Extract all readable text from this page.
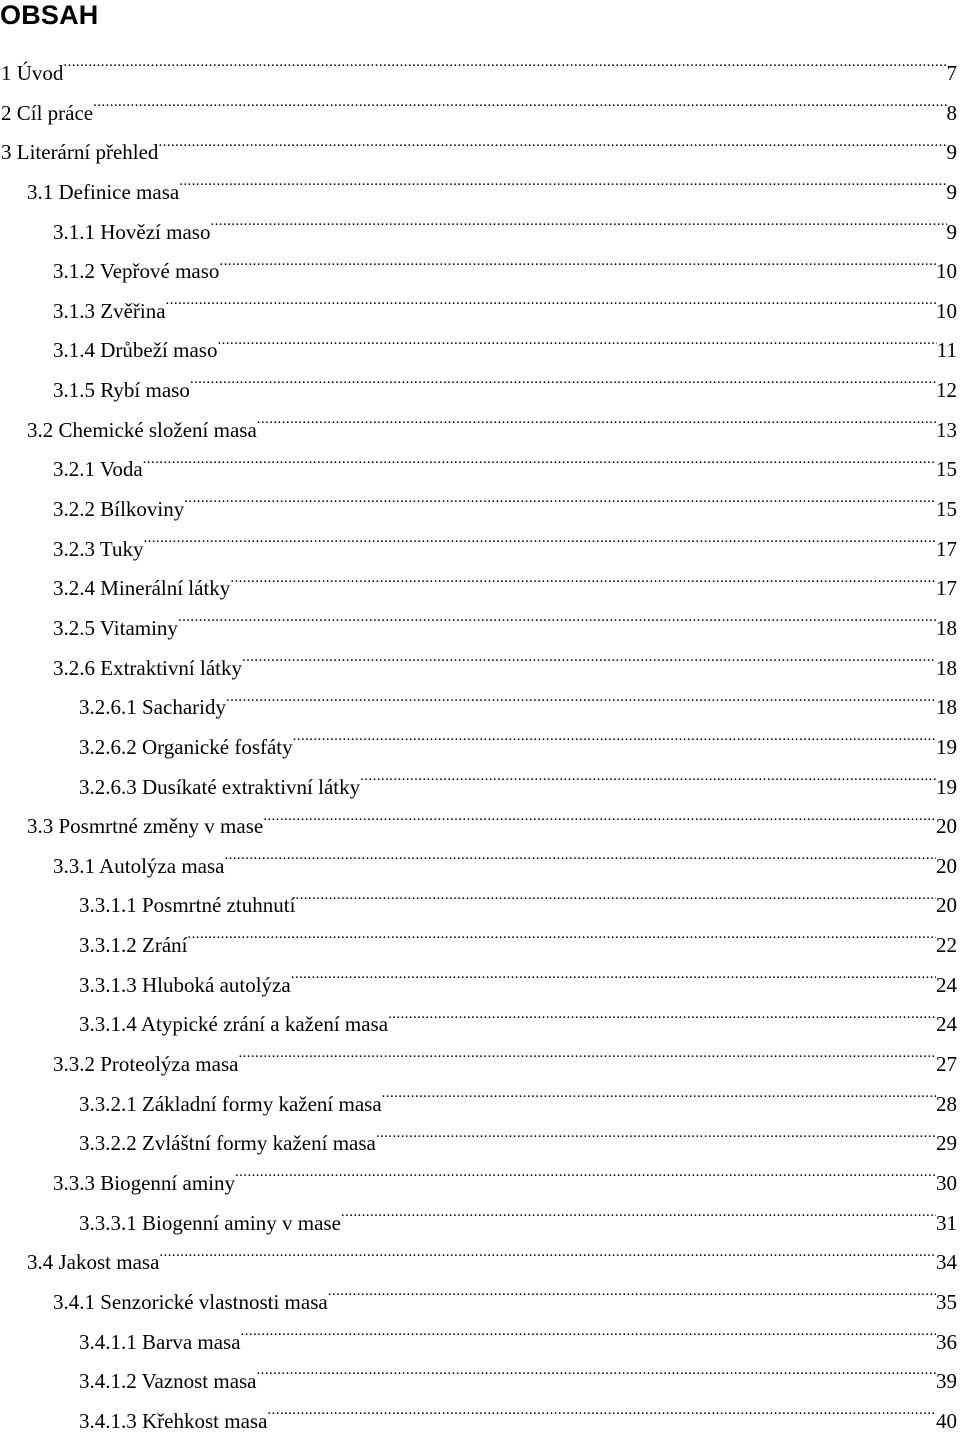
OBSAH
1 Úvod .....	7
2 Cíl práce .....	8
3 Literární přehled .....	9
3.1 Definice masa .....	9
3.1.1 Hovězí maso .....	9
3.1.2 Vepřové maso .....	10
3.1.3 Zvěřina .....	10
3.1.4 Drůbeží maso .....	11
3.1.5 Rybí maso .....	12
3.2 Chemické složení masa .....	13
3.2.1 Voda .....	15
3.2.2 Bílkoviny .....	15
3.2.3 Tuky .....	17
3.2.4 Minerální látky .....	17
3.2.5 Vitaminy .....	18
3.2.6 Extraktivní látky .....	18
3.2.6.1 Sacharidy .....	18
3.2.6.2 Organické fosfáty .....	19
3.2.6.3 Dusíkaté extraktivní látky .....	19
3.3 Posmrtné změny v mase .....	20
3.3.1 Autolýza masa .....	20
3.3.1.1 Posmrtné ztuhnutí .....	20
3.3.1.2 Zrání .....	22
3.3.1.3 Hluboká autolýza .....	24
3.3.1.4 Atypické zrání a kažení masa .....	24
3.3.2 Proteolýza masa .....	27
3.3.2.1 Základní formy kažení masa .....	28
3.3.2.2 Zvláštní formy kažení masa .....	29
3.3.3 Biogenní aminy .....	30
3.3.3.1 Biogenní aminy v mase .....	31
3.4 Jakost masa .....	34
3.4.1 Senzorické vlastnosti masa .....	35
3.4.1.1 Barva masa .....	36
3.4.1.2 Vaznost masa .....	39
3.4.1.3 Křehkost masa .....	40
